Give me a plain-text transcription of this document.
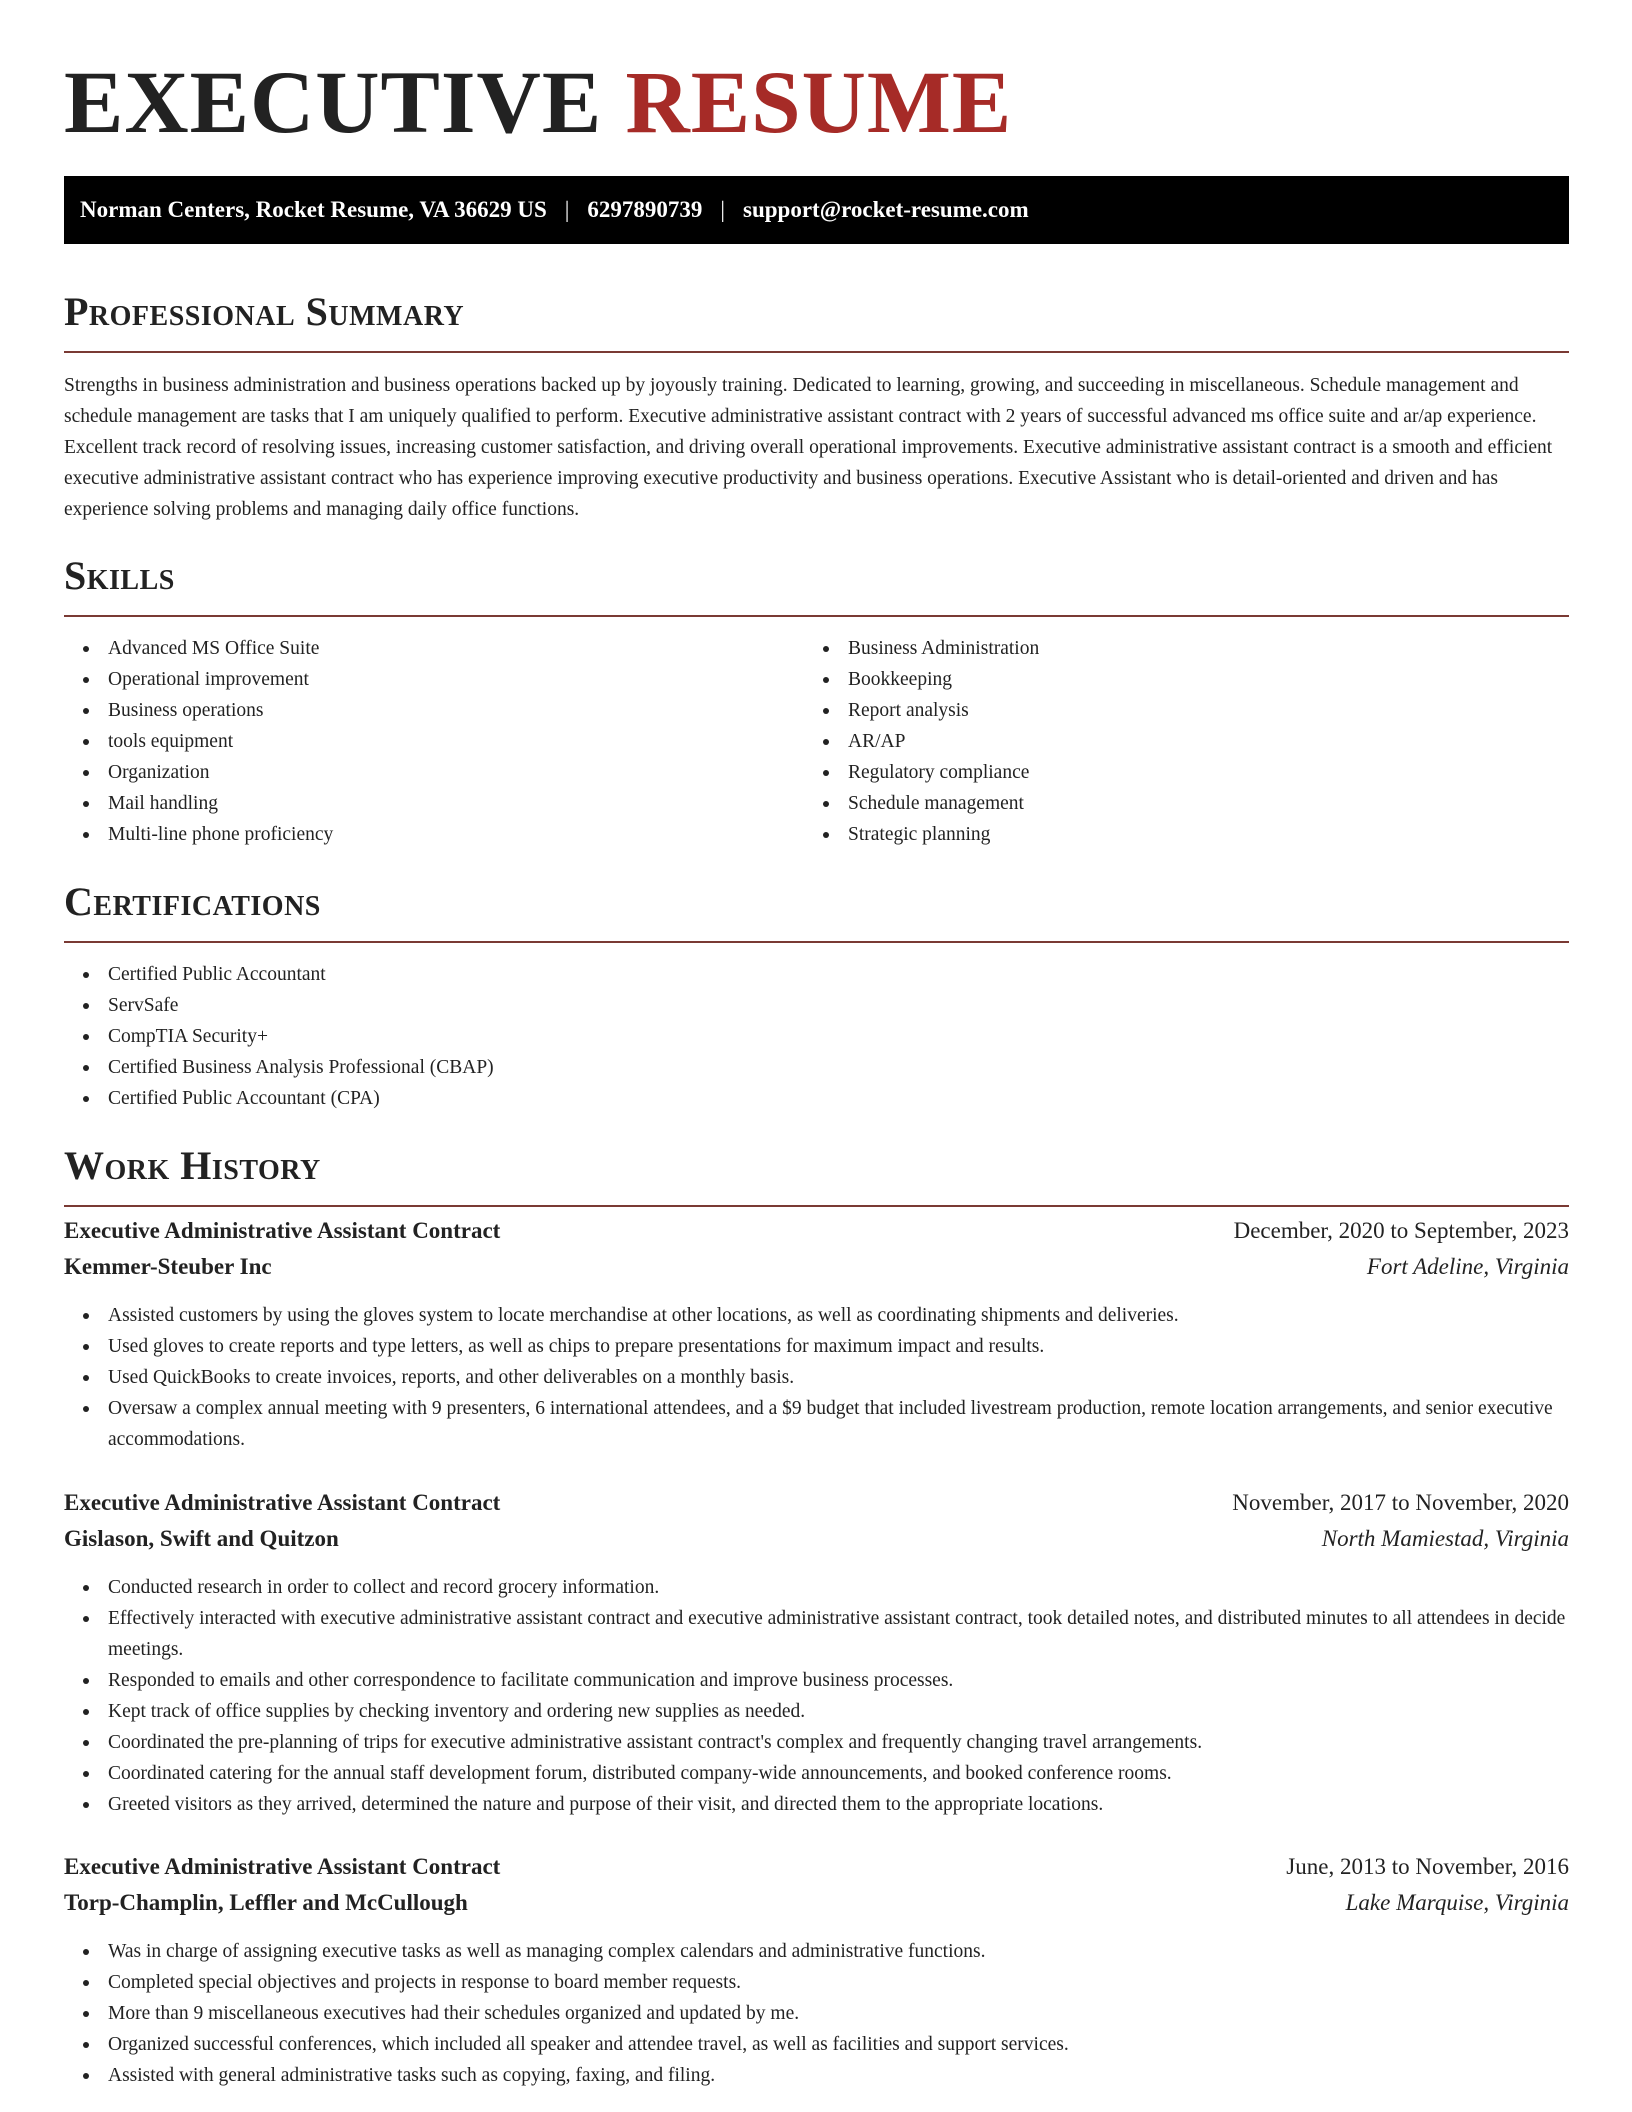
EXECUTIVE RESUME
Norman Centers, Rocket Resume, VA 36629 US | 6297890739 | support@rocket-resume.com
Professional Summary

Strengths in business administration and business operations backed up by joyously training. Dedicated to learning, growing, and succeeding in miscellaneous. Schedule management and schedule management are tasks that I am uniquely qualified to perform. Executive administrative assistant contract with 2 years of successful advanced ms office suite and ar/ap experience. Excellent track record of resolving issues, increasing customer satisfaction, and driving overall operational improvements. Executive administrative assistant contract is a smooth and efficient executive administrative assistant contract who has experience improving executive productivity and business operations. Executive Assistant who is detail-oriented and driven and has experience solving problems and managing daily office functions.

Skills
Advanced MS Office Suite
Operational improvement
Business operations
tools equipment
Organization
Mail handling
Multi-line phone proficiency
Business Administration
Bookkeeping
Report analysis
AR/AP
Regulatory compliance
Schedule management
Strategic planning
Certifications
Certified Public Accountant
ServSafe
CompTIA Security+
Certified Business Analysis Professional (CBAP)
Certified Public Accountant (CPA)
Work History
Executive Administrative Assistant Contract	December, 2020 to September, 2023
Kemmer-Steuber Inc	Fort Adeline, Virginia
Assisted customers by using the gloves system to locate merchandise at other locations, as well as coordinating shipments and deliveries.
Used gloves to create reports and type letters, as well as chips to prepare presentations for maximum impact and results.
Used QuickBooks to create invoices, reports, and other deliverables on a monthly basis.
Oversaw a complex annual meeting with 9 presenters, 6 international attendees, and a $9 budget that included livestream production, remote location arrangements, and senior executive accommodations.
Executive Administrative Assistant Contract	November, 2017 to November, 2020
Gislason, Swift and Quitzon	North Mamiestad, Virginia
Conducted research in order to collect and record grocery information.
Effectively interacted with executive administrative assistant contract and executive administrative assistant contract, took detailed notes, and distributed minutes to all attendees in decide meetings.
Responded to emails and other correspondence to facilitate communication and improve business processes.
Kept track of office supplies by checking inventory and ordering new supplies as needed.
Coordinated the pre-planning of trips for executive administrative assistant contract's complex and frequently changing travel arrangements.
Coordinated catering for the annual staff development forum, distributed company-wide announcements, and booked conference rooms.
Greeted visitors as they arrived, determined the nature and purpose of their visit, and directed them to the appropriate locations.
Executive Administrative Assistant Contract	June, 2013 to November, 2016
Torp-Champlin, Leffler and McCullough	Lake Marquise, Virginia
Was in charge of assigning executive tasks as well as managing complex calendars and administrative functions.
Completed special objectives and projects in response to board member requests.
More than 9 miscellaneous executives had their schedules organized and updated by me.
Organized successful conferences, which included all speaker and attendee travel, as well as facilities and support services.
Assisted with general administrative tasks such as copying, faxing, and filing.
